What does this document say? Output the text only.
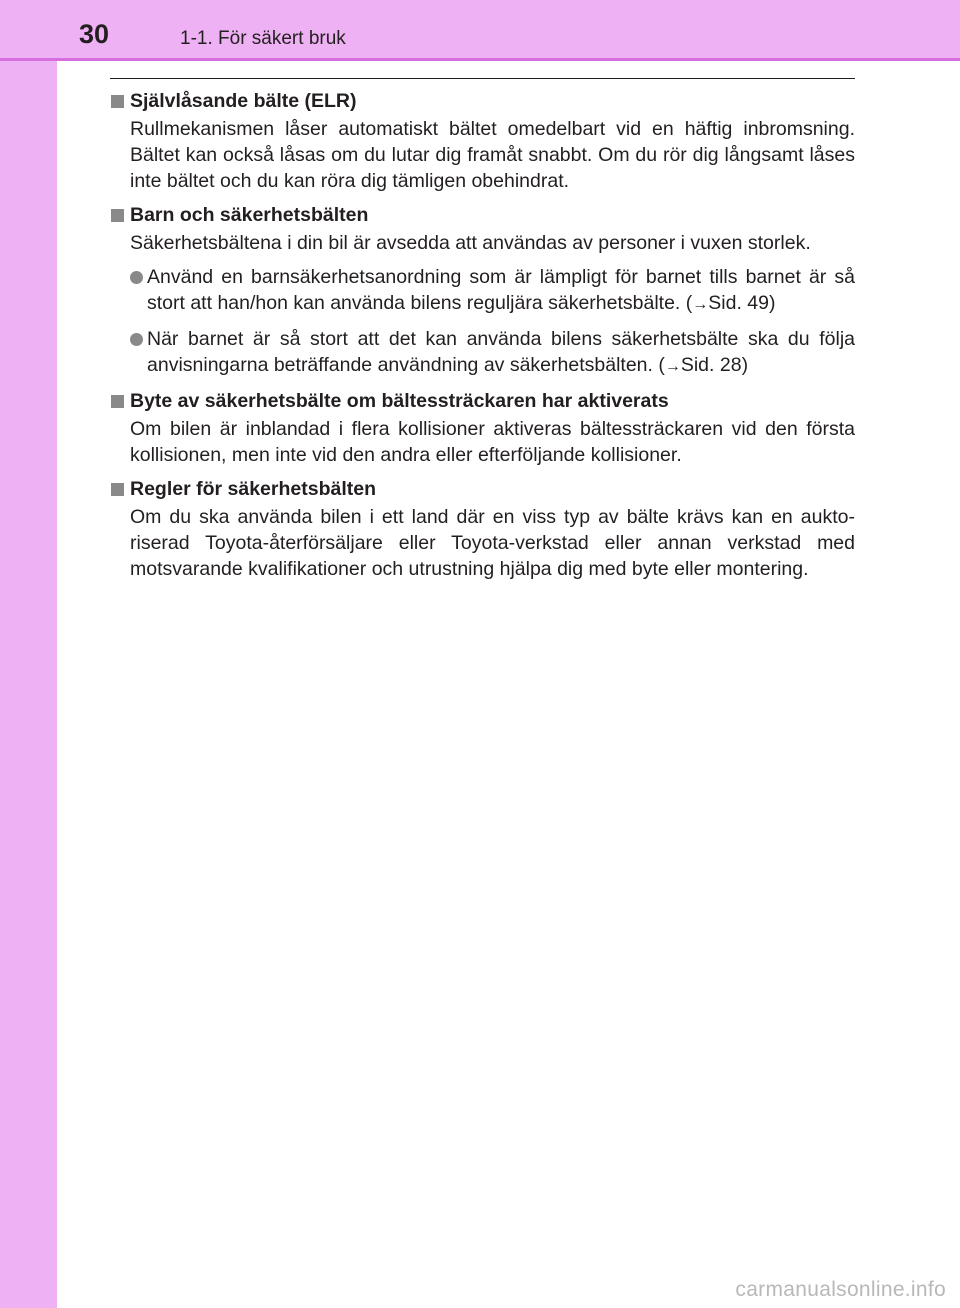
30	1-1. För säkert bruk
Självlåsande bälte (ELR)
Rullmekanismen låser automatiskt bältet omedelbart vid en häftig inbromsning. Bältet kan också låsas om du lutar dig framåt snabbt. Om du rör dig långsamt låses inte bältet och du kan röra dig tämligen obehindrat.
Barn och säkerhetsbälten
Säkerhetsbältena i din bil är avsedda att användas av personer i vuxen storlek.
Använd en barnsäkerhetsanordning som är lämpligt för barnet tills barnet är så stort att han/hon kan använda bilens reguljära säkerhetsbälte. (→Sid. 49)
När barnet är så stort att det kan använda bilens säkerhetsbälte ska du följa anvisningarna beträffande användning av säkerhetsbälten. (→Sid. 28)
Byte av säkerhetsbälte om bältessträckaren har aktiverats
Om bilen är inblandad i flera kollisioner aktiveras bältessträckaren vid den första kollisionen, men inte vid den andra eller efterföljande kollisioner.
Regler för säkerhetsbälten
Om du ska använda bilen i ett land där en viss typ av bälte krävs kan en auktoriserad Toyota-återförsäljare eller Toyota-verkstad eller annan verkstad med motsvarande kvalifikationer och utrustning hjälpa dig med byte eller montering.
carmanualsonline.info
